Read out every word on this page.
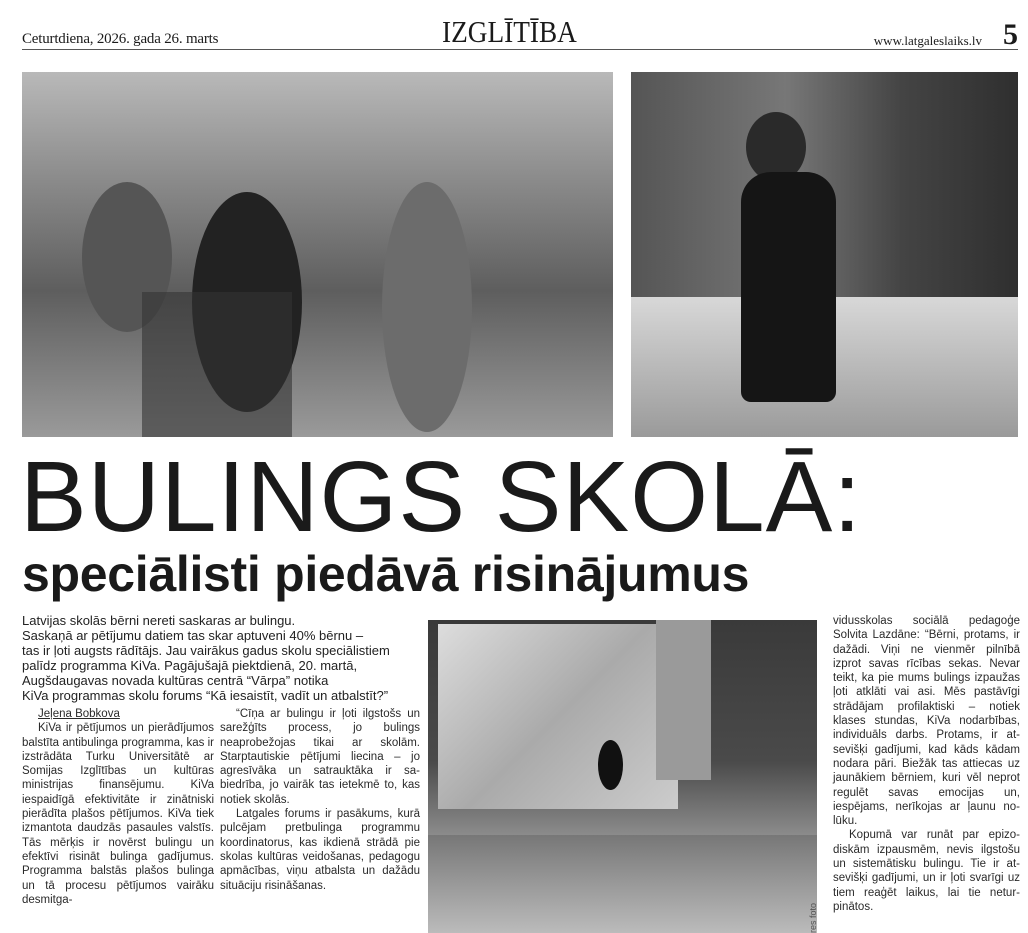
Ceturtdiena, 2026. gada 26. marts	IZGLĪTĪBA	www.latgaleslaiks.lv 5
BULINGS SKOLĀ:
speciālisti piedāvā risinājumus
Latvijas skolās bērni nereti saskaras ar bulingu.
Saskaņā ar pētījumu datiem tas skar aptuveni 40% bērnu –
tas ir ļoti augsts rādītājs. Jau vairākus gadus skolu speciālistiem
palīdz programma KiVa. Pagājušajā piektdienā, 20. martā,
Augšdaugavas novada kultūras centrā “Vārpa” notika
KiVa programmas skolu forums “Kā iesaistīt, vadīt un atbalstīt?”
Jeļena Bobkova

KiVa ir pētījumos un pierādījumos balstīta antibulinga programma, kas ir izstrādāta Turku Universitātē ar Somijas Izglītības un kultūras ministrijas finansējumu. KiVa iespaidīgā efektivitāte ir zinātniski pierādīta plašos pētījumos. KiVa tiek izmantota daudzās pasaules valstīs. Tās mērķis ir novērst bulingu un efektīvi risināt bulinga gadījumus. Programma balstās plašos bulinga un tā procesu pētījumos vairāku desmitga-

“Cīņa ar bulingu ir ļoti ilgstošs un sarežģīts process, jo bulings neaprobežojas tikai ar skolām. Starptautiskie pētījumi liecina – jo agresīvāka un satrauktāka ir sabiedrība, jo vairāk tas ietekmē to, kas notiek skolās.

Latgales forums ir pasākums, kurā pulcējam pretbulinga programmu koordinatorus, kas ikdienā strādā pie skolas kultūras veidošanas, pedagogu apmācības, viņu atbalsta un dažādu situāciju risināšanas.

res foto

vidusskolas sociālā pedagoģe Solvita Lazdāne: “Bērni, protams, ir dažādi. Viņi ne vienmēr pilnībā izprot savas rīcības sekas. Nevar teikt, ka pie mums bulings izpaužas ļoti atklāti vai asi. Mēs pastāvīgi strādājam profilaktiski – notiek klases stundas, KiVa nodarbības, individuāls darbs. Protams, ir atsevišķi gadījumi, kad kāds kādam nodara pāri. Biežāk tas attiecas uz jaunākiem bērniem, kuri vēl neprot regulēt savas emocijas un, iespējams, nerīkojas ar ļaunu nolūku.

Kopumā var runāt par epizodiskām izpausmēm, nevis ilgstošu un sistemātisku bulingu. Tie ir atsevišķi gadījumi, un ir ļoti svarīgi uz tiem reaģēt laikus, lai tie neturpinātos.
